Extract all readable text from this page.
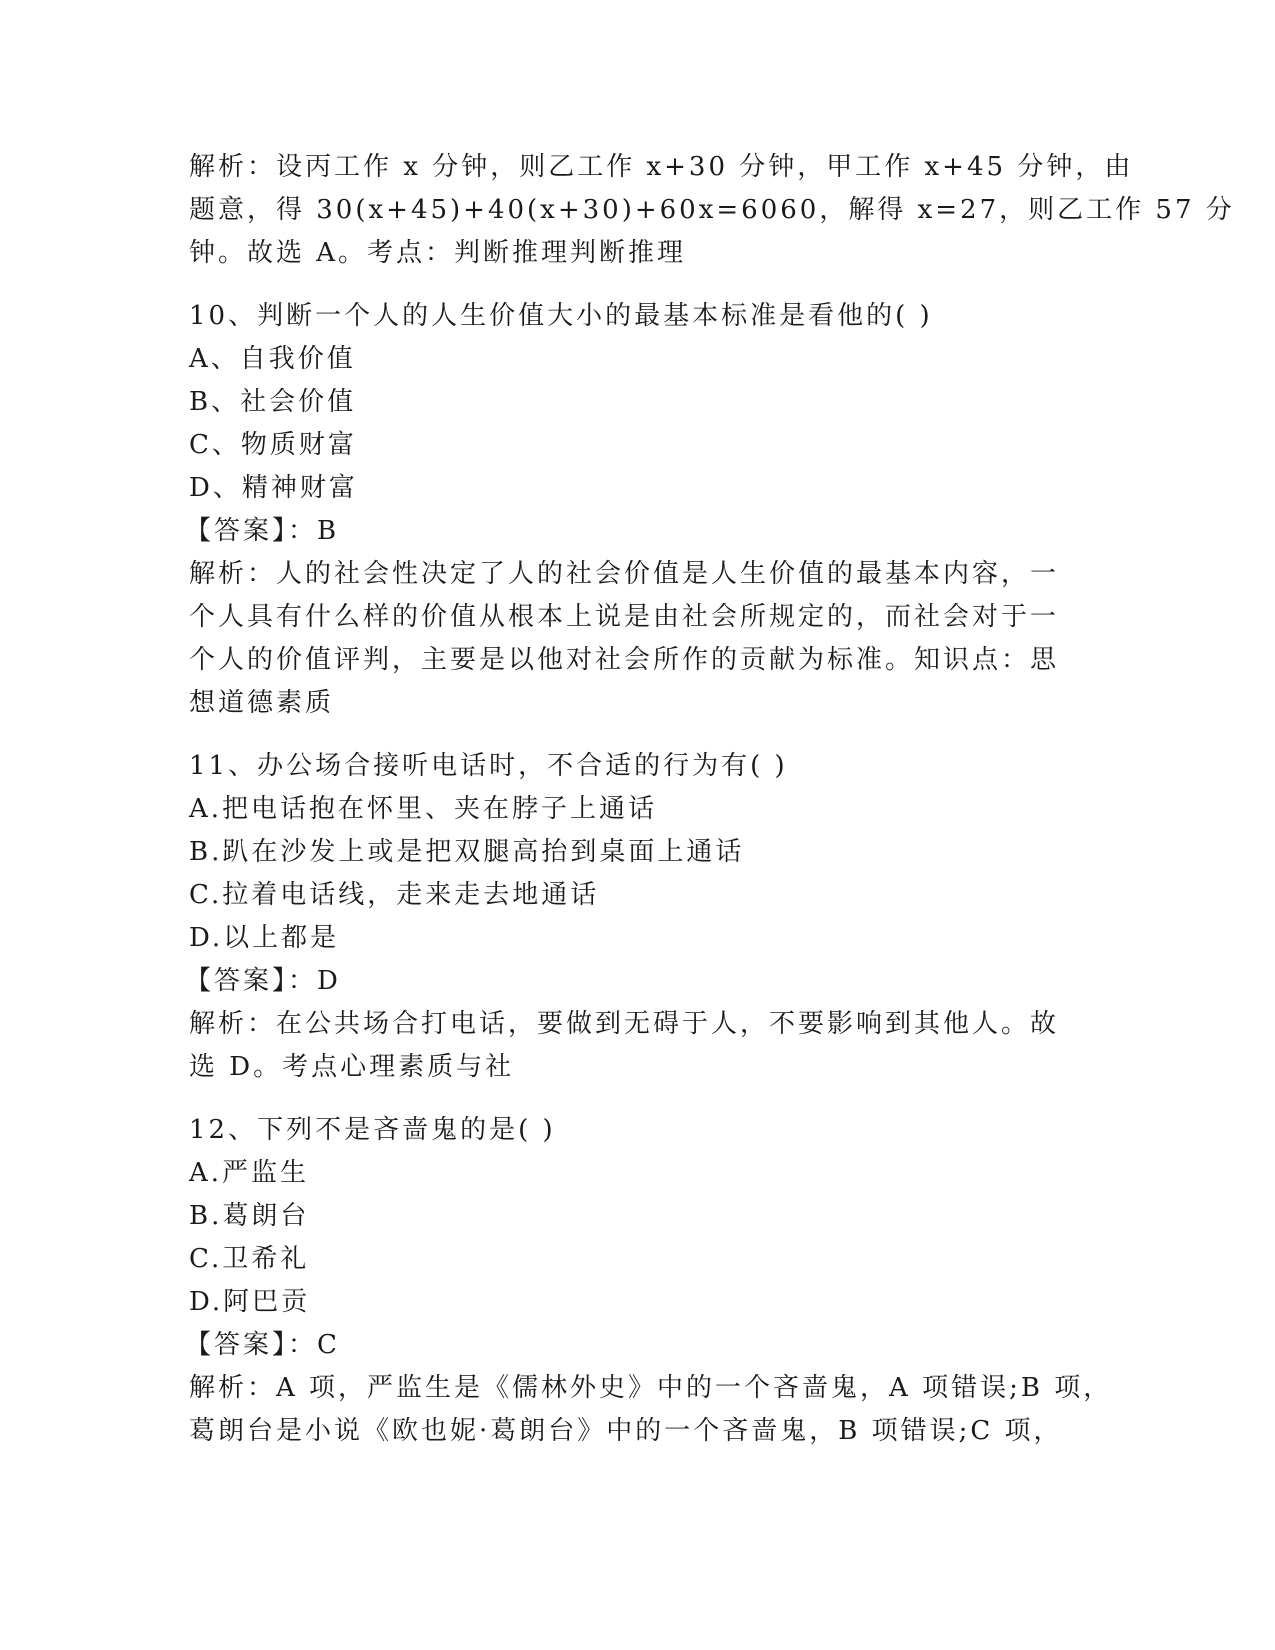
解析：设丙工作 x 分钟，则乙工作 x+30 分钟，甲工作 x+45 分钟，由

题意，得 30(x+45)+40(x+30)+60x=6060，解得 x=27，则乙工作 57 分

钟。故选 A。考点：判断推理判断推理

10、判断一个人的人生价值大小的最基本标准是看他的( )

A、自我价值

B、社会价值

C、物质财富

D、精神财富

【答案】：B

解析：人的社会性决定了人的社会价值是人生价值的最基本内容，一

个人具有什么样的价值从根本上说是由社会所规定的，而社会对于一

个人的价值评判，主要是以他对社会所作的贡献为标准。知识点：思

想道德素质

11、办公场合接听电话时，不合适的行为有( )

A.把电话抱在怀里、夹在脖子上通话

B.趴在沙发上或是把双腿高抬到桌面上通话

C.拉着电话线，走来走去地通话

D.以上都是

【答案】：D

解析：在公共场合打电话，要做到无碍于人，不要影响到其他人。故

选 D。考点心理素质与社

12、下列不是吝啬鬼的是( )

A.严监生

B.葛朗台

C.卫希礼

D.阿巴贡

【答案】：C

解析：A 项，严监生是《儒林外史》中的一个吝啬鬼，A 项错误;B 项，

葛朗台是小说《欧也妮·葛朗台》中的一个吝啬鬼，B 项错误;C 项，
